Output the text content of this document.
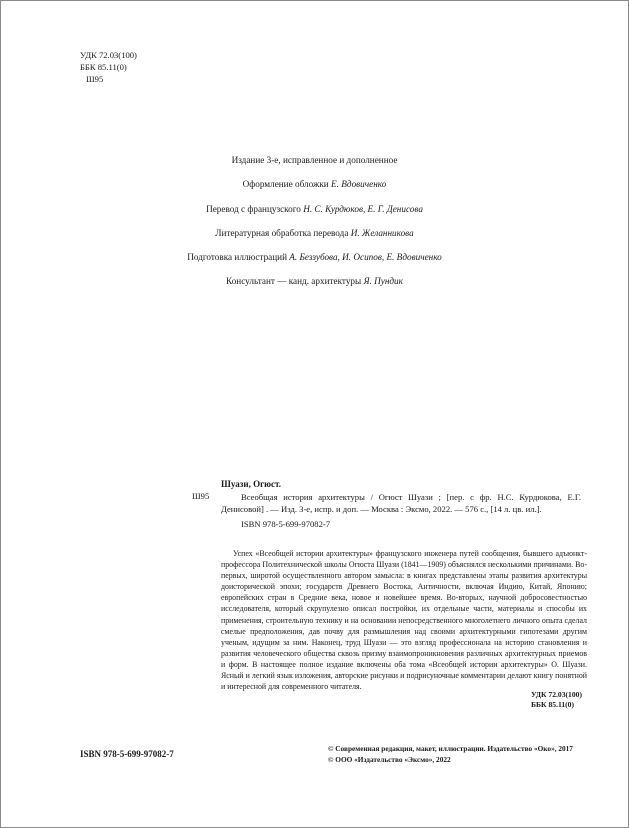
УДК 72.03(100)
ББК 85.11(0)
Ш95
Издание 3-е, исправленное и дополненное
Оформление обложки Е. Вдовиченко
Перевод с французского Н. С. Курдюков, Е. Г. Денисова
Литературная обработка перевода И. Желанникова
Подготовка иллюстраций А. Беззубова, И. Осипов, Е. Вдовиченко
Консультант — канд. архитектуры Я. Пундик
Ш95
Шуази, Огюст.
Всеобщая история архитектуры / Огюст Шуази ; [пер. с фр. Н.С. Курдюкова, Е.Г. Денисовой] . — Изд. 3-е, испр. и доп. — Москва : Эксмо, 2022. — 576 с., [14 л. цв. ил.].
ISBN 978-5-699-97082-7
Успех «Всеобщей истории архитектуры» французского инженера путей сообщения, бывшего адъюнкт-профессора Политехнической школы Огюста Шуази (1841—1909) объяснялся несколькими причинами. Во-первых, широтой осуществленного автором замысла: в книгах представлены этапы развития архитектуры доисторической эпохи; государств Древнего Востока, Античности, включая Индию, Китай, Японию; европейских стран в Средние века, новое и новейшее время. Во-вторых, научной добросовестностью исследователя, который скрупулезно описал постройки, их отдельные части, материалы и способы их применения, строительную технику и на основании непосредственного многолетнего личного опыта сделал смелые предположения, дав почву для размышления над своими архитектурными гипотезами другим ученым, идущим за ним. Наконец, труд Шуази — это взгляд профессионала на историю становления и развития человеческого общества сквозь призму взаимопроникновения различных архитектурных приемов и форм. В настоящее полное издание включены оба тома «Всеобщей истории архитектуры» О. Шуази. Ясный и легкий язык изложения, авторские рисунки и подрисуночные комментарии делают книгу понятной и интересной для современного читателя.
УДК 72.03(100)
ББК 85.11(0)
ISBN 978-5-699-97082-7
© Современная редакция, макет, иллюстрации. Издательство «Око», 2017
© ООО «Издательство «Эксмо», 2022
